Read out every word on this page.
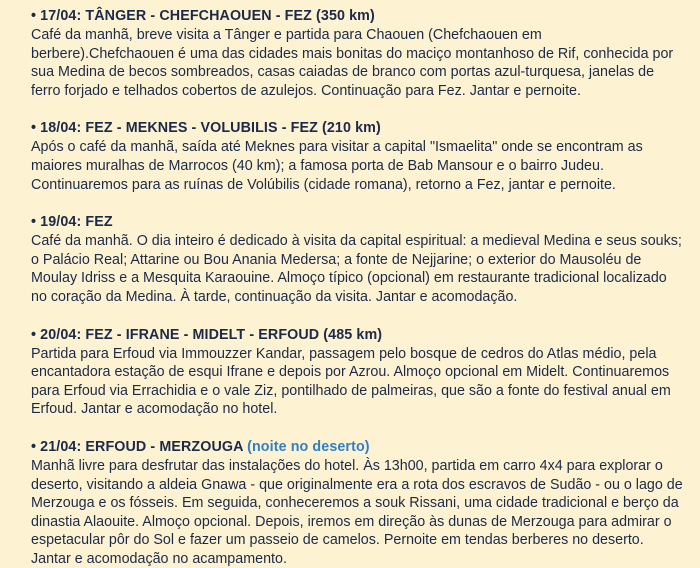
• 17/04: TÂNGER - CHEFCHAOUEN - FEZ (350 km)
Café da manhã, breve visita a Tânger e partida para Chaouen (Chefchaouen em
berbere).Chefchaouen é uma das cidades mais bonitas do maciço montanhoso de Rif, conhecida por
sua Medina de becos sombreados, casas caiadas de branco com portas azul-turquesa, janelas de
ferro forjado e telhados cobertos de azulejos. Continuação para Fez. Jantar e pernoite.
• 18/04: FEZ - MEKNES - VOLUBILIS - FEZ (210 km)
Após o café da manhã, saída até Meknes para visitar a capital "Ismaelita" onde se encontram as
maiores muralhas de Marrocos (40 km); a famosa porta de Bab Mansour e o bairro Judeu.
Continuaremos para as ruínas de Volúbilis (cidade romana), retorno a Fez, jantar e pernoite.
• 19/04: FEZ
Café da manhã. O dia inteiro é dedicado à visita da capital espiritual: a medieval Medina e seus souks;
o Palácio Real; Attarine ou Bou Anania Medersa; a fonte de Nejjarine; o exterior do Mausoléu de
Moulay Idriss e a Mesquita Karaouine. Almoço típico (opcional) em restaurante tradicional localizado
no coração da Medina. À tarde, continuação da visita. Jantar e acomodação.
• 20/04: FEZ - IFRANE - MIDELT - ERFOUD (485 km)
Partida para Erfoud via Immouzzer Kandar, passagem pelo bosque de cedros do Atlas médio, pela
encantadora estação de esqui Ifrane e depois por Azrou. Almoço opcional em Midelt. Continuaremos
para Erfoud via Errachidia e o vale Ziz, pontilhado de palmeiras, que são a fonte do festival anual em
Erfoud. Jantar e acomodação no hotel.
• 21/04: ERFOUD - MERZOUGA (noite no deserto)
Manhã livre para desfrutar das instalações do hotel. Às 13h00, partida em carro 4x4 para explorar o
deserto, visitando a aldeia Gnawa - que originalmente era a rota dos escravos de Sudão - ou o lago de
Merzouga e os fósseis. Em seguida, conheceremos a souk Rissani, uma cidade tradicional e berço da
dinastia Alaouite. Almoço opcional. Depois, iremos em direção às dunas de Merzouga para admirar o
espetacular pôr do Sol e fazer um passeio de camelos. Pernoite em tendas berberes no deserto.
Jantar e acomodação no acampamento.
